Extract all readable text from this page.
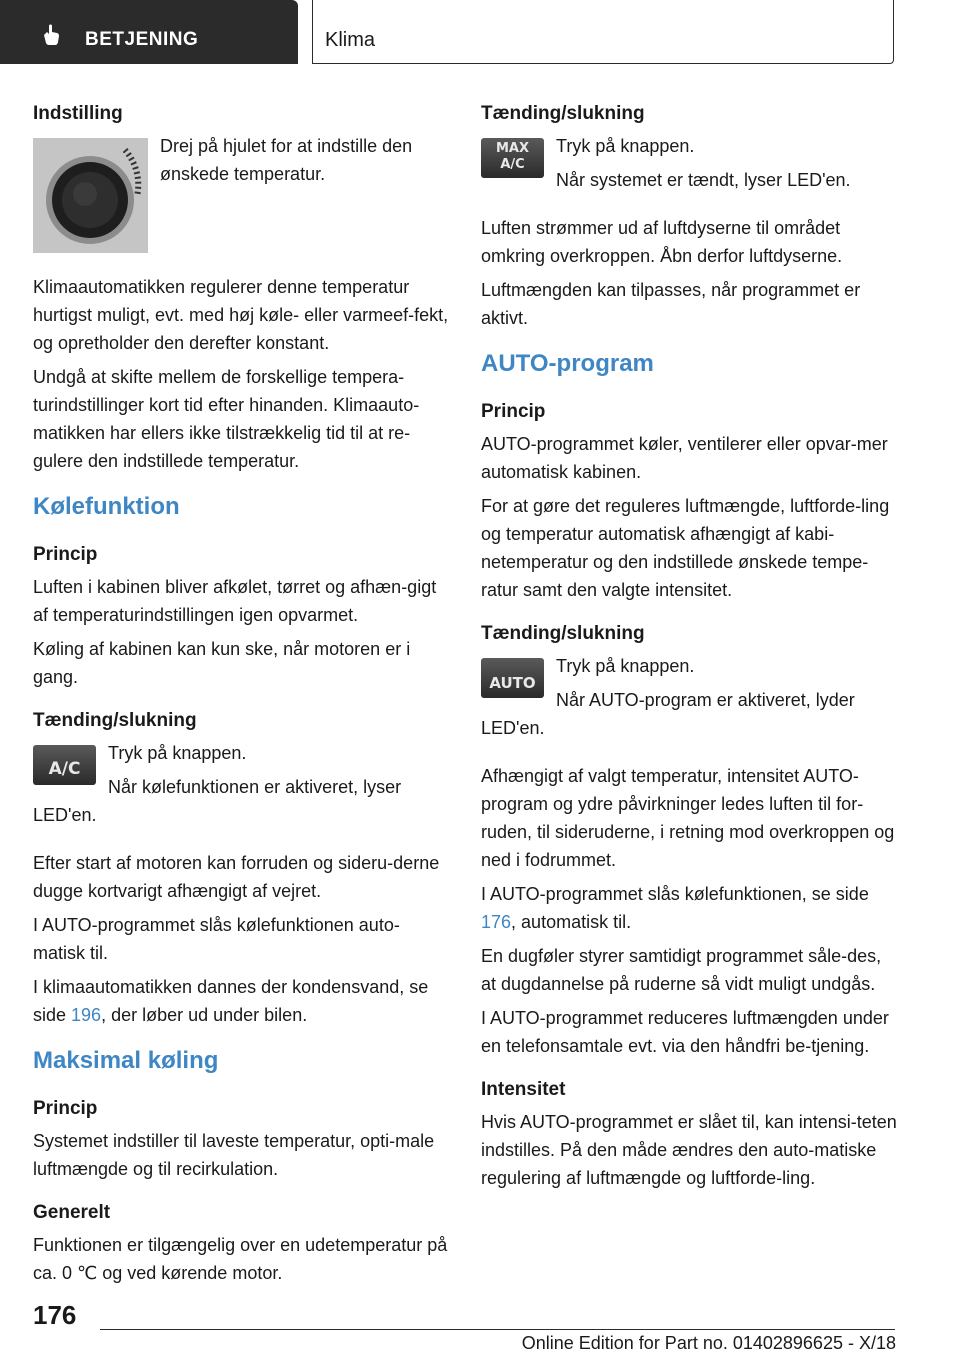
BETJENING	Klima
Indstilling

Drej på hjulet for at indstille den ønskede temperatur.

Klimaautomatikken regulerer denne temperatur hurtigst muligt, evt. med høj køle- eller varmeef-fekt, og opretholder den derefter konstant.

Undgå at skifte mellem de forskellige tempera-turindstillinger kort tid efter hinanden. Klimaauto-matikken har ellers ikke tilstrækkelig tid til at re-gulere den indstillede temperatur.

Kølefunktion
Princip

Luften i kabinen bliver afkølet, tørret og afhæn-gigt af temperaturindstillingen igen opvarmet.

Køling af kabinen kan kun ske, når motoren er i gang.

Tænding/slukning
A/C

Tryk på knappen.

Når kølefunktionen er aktiveret, lyser LED'en.

Efter start af motoren kan forruden og sideru-derne dugge kortvarigt afhængigt af vejret.

I AUTO-programmet slås kølefunktionen auto-matisk til.

I klimaautomatikken dannes der kondensvand, se side 196, der løber ud under bilen.

Maksimal køling
Princip

Systemet indstiller til laveste temperatur, opti-male luftmængde og til recirkulation.

Generelt

Funktionen er tilgængelig over en udetemperatur på ca. 0 ℃ og ved kørende motor.

Tænding/slukning
MAX
A/C

Tryk på knappen.

Når systemet er tændt, lyser LED'en.

Luften strømmer ud af luftdyserne til området omkring overkroppen. Åbn derfor luftdyserne.

Luftmængden kan tilpasses, når programmet er aktivt.

AUTO-program
Princip

AUTO-programmet køler, ventilerer eller opvar-mer automatisk kabinen.

For at gøre det reguleres luftmængde, luftforde-ling og temperatur automatisk afhængigt af kabi-netemperatur og den indstillede ønskede tempe-ratur samt den valgte intensitet.

Tænding/slukning
AUTO

Tryk på knappen.

Når AUTO-program er aktiveret, lyder LED'en.

Afhængigt af valgt temperatur, intensitet AUTO-program og ydre påvirkninger ledes luften til for-ruden, til sideruderne, i retning mod overkroppen og ned i fodrummet.

I AUTO-programmet slås kølefunktionen, se side 176, automatisk til.

En dugføler styrer samtidigt programmet såle-des, at dugdannelse på ruderne så vidt muligt undgås.

I AUTO-programmet reduceres luftmængden under en telefonsamtale evt. via den håndfri be-tjening.

Intensitet

Hvis AUTO-programmet er slået til, kan intensi-teten indstilles. På den måde ændres den auto-matiske regulering af luftmængde og luftforde-ling.

176
Online Edition for Part no. 01402896625 - X/18
